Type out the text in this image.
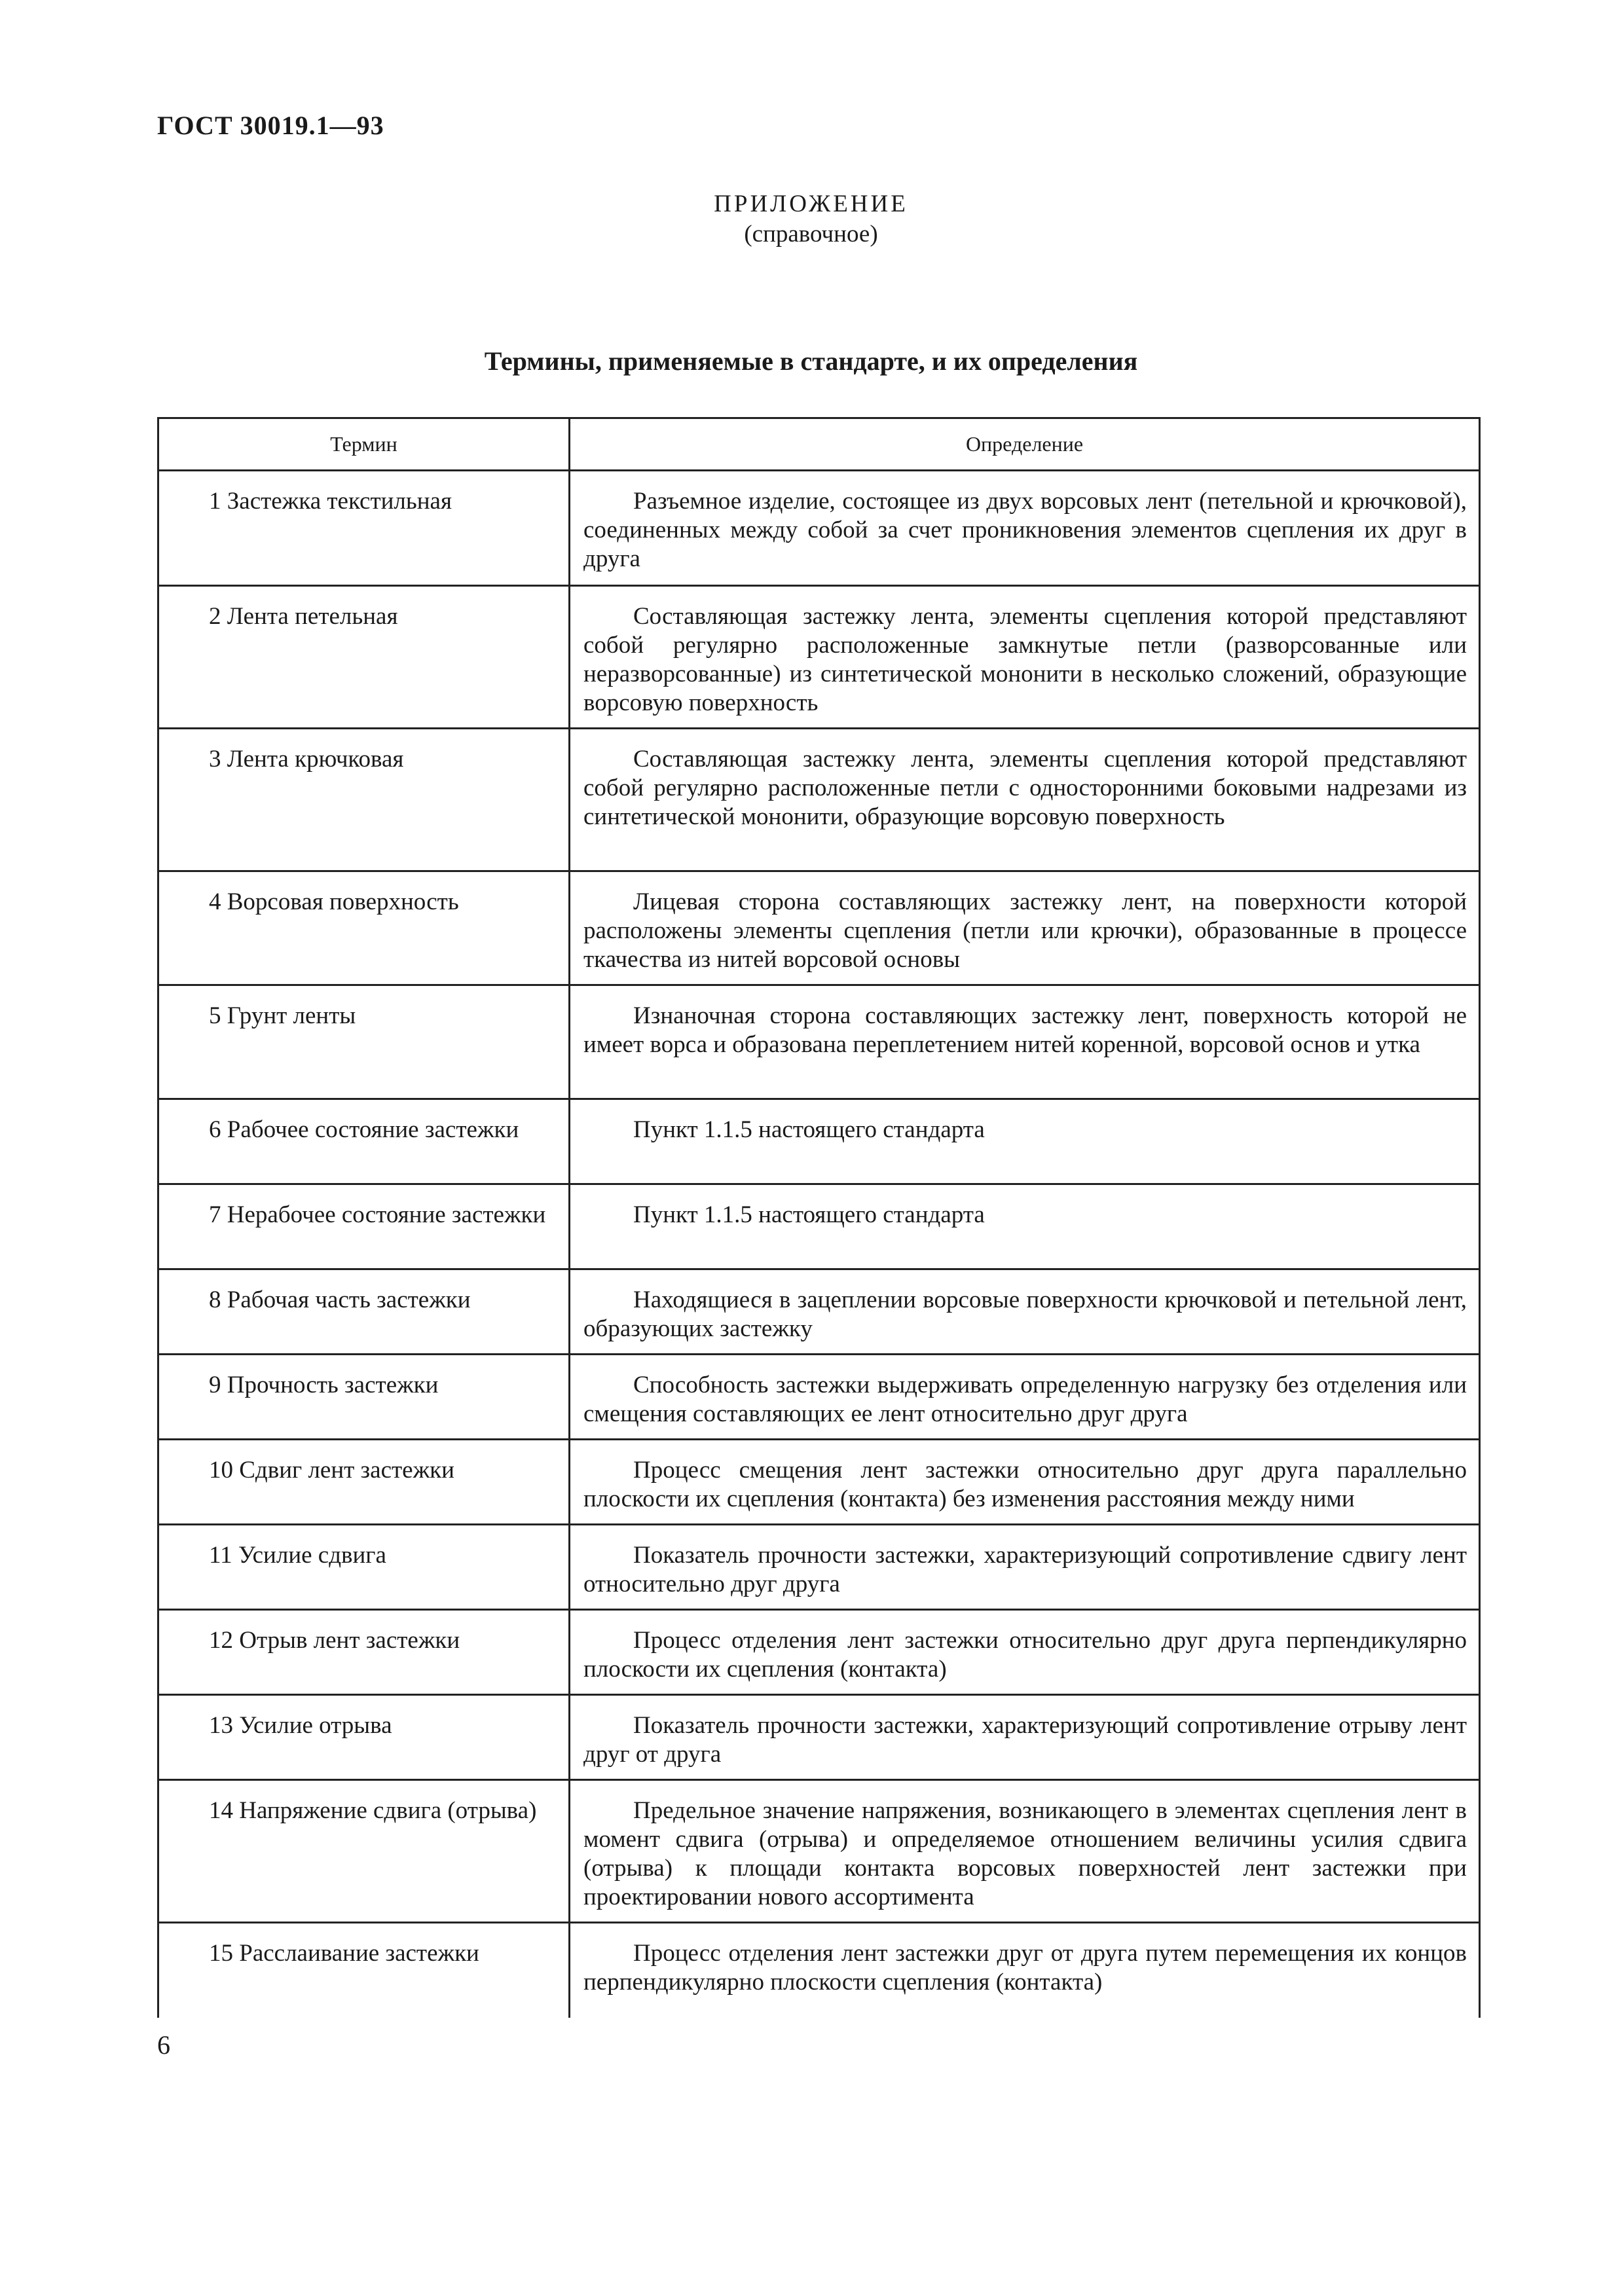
ГОСТ 30019.1—93
ПРИЛОЖЕНИЕ
(справочное)
Термины, применяемые в стандарте, и их определения
Термин	Определение
1 Застежка текстильная	Разъемное изделие, состоящее из двух ворсовых лент (петельной и крючковой), соединенных между собой за счет проникновения элементов сцепления их друг в друга
2 Лента петельная	Составляющая застежку лента, элементы сцепления которой представляют собой регулярно расположенные замкнутые петли (разворсованные или неразворсованные) из синтетической мононити в несколько сложений, образующие ворсовую поверхность
3 Лента крючковая	Составляющая застежку лента, элементы сцепления которой представляют собой регулярно расположенные петли с односторонними боковыми надрезами из синтетической мононити, образующие ворсовую поверхность
4 Ворсовая поверхность	Лицевая сторона составляющих застежку лент, на поверхности которой расположены элементы сцепления (петли или крючки), образованные в процессе ткачества из нитей ворсовой основы
5 Грунт ленты	Изнаночная сторона составляющих застежку лент, поверхность которой не имеет ворса и образована переплетением нитей коренной, ворсовой основ и утка
6 Рабочее состояние застежки	Пункт 1.1.5 настоящего стандарта
7 Нерабочее состояние застежки	Пункт 1.1.5 настоящего стандарта
8 Рабочая часть застежки	Находящиеся в зацеплении ворсовые поверхности крючковой и петельной лент, образующих застежку
9 Прочность застежки	Способность застежки выдерживать определенную нагрузку без отделения или смещения составляющих ее лент относительно друг друга
10 Сдвиг лент застежки	Процесс смещения лент застежки относительно друг друга параллельно плоскости их сцепления (контакта) без изменения расстояния между ними
11 Усилие сдвига	Показатель прочности застежки, характеризующий сопротивление сдвигу лент относительно друг друга
12 Отрыв лент застежки	Процесс отделения лент застежки относительно друг друга перпендикулярно плоскости их сцепления (контакта)
13 Усилие отрыва	Показатель прочности застежки, характеризующий сопротивление отрыву лент друг от друга
14 Напряжение сдвига (отрыва)	Предельное значение напряжения, возникающего в элементах сцепления лент в момент сдвига (отрыва) и определяемое отношением величины усилия сдвига (отрыва) к площади контакта ворсовых поверхностей лент застежки при проектировании нового ассортимента
15 Расслаивание застежки	Процесс отделения лент застежки друг от друга путем перемещения их концов перпендикулярно плоскости сцепления (контакта)
6
